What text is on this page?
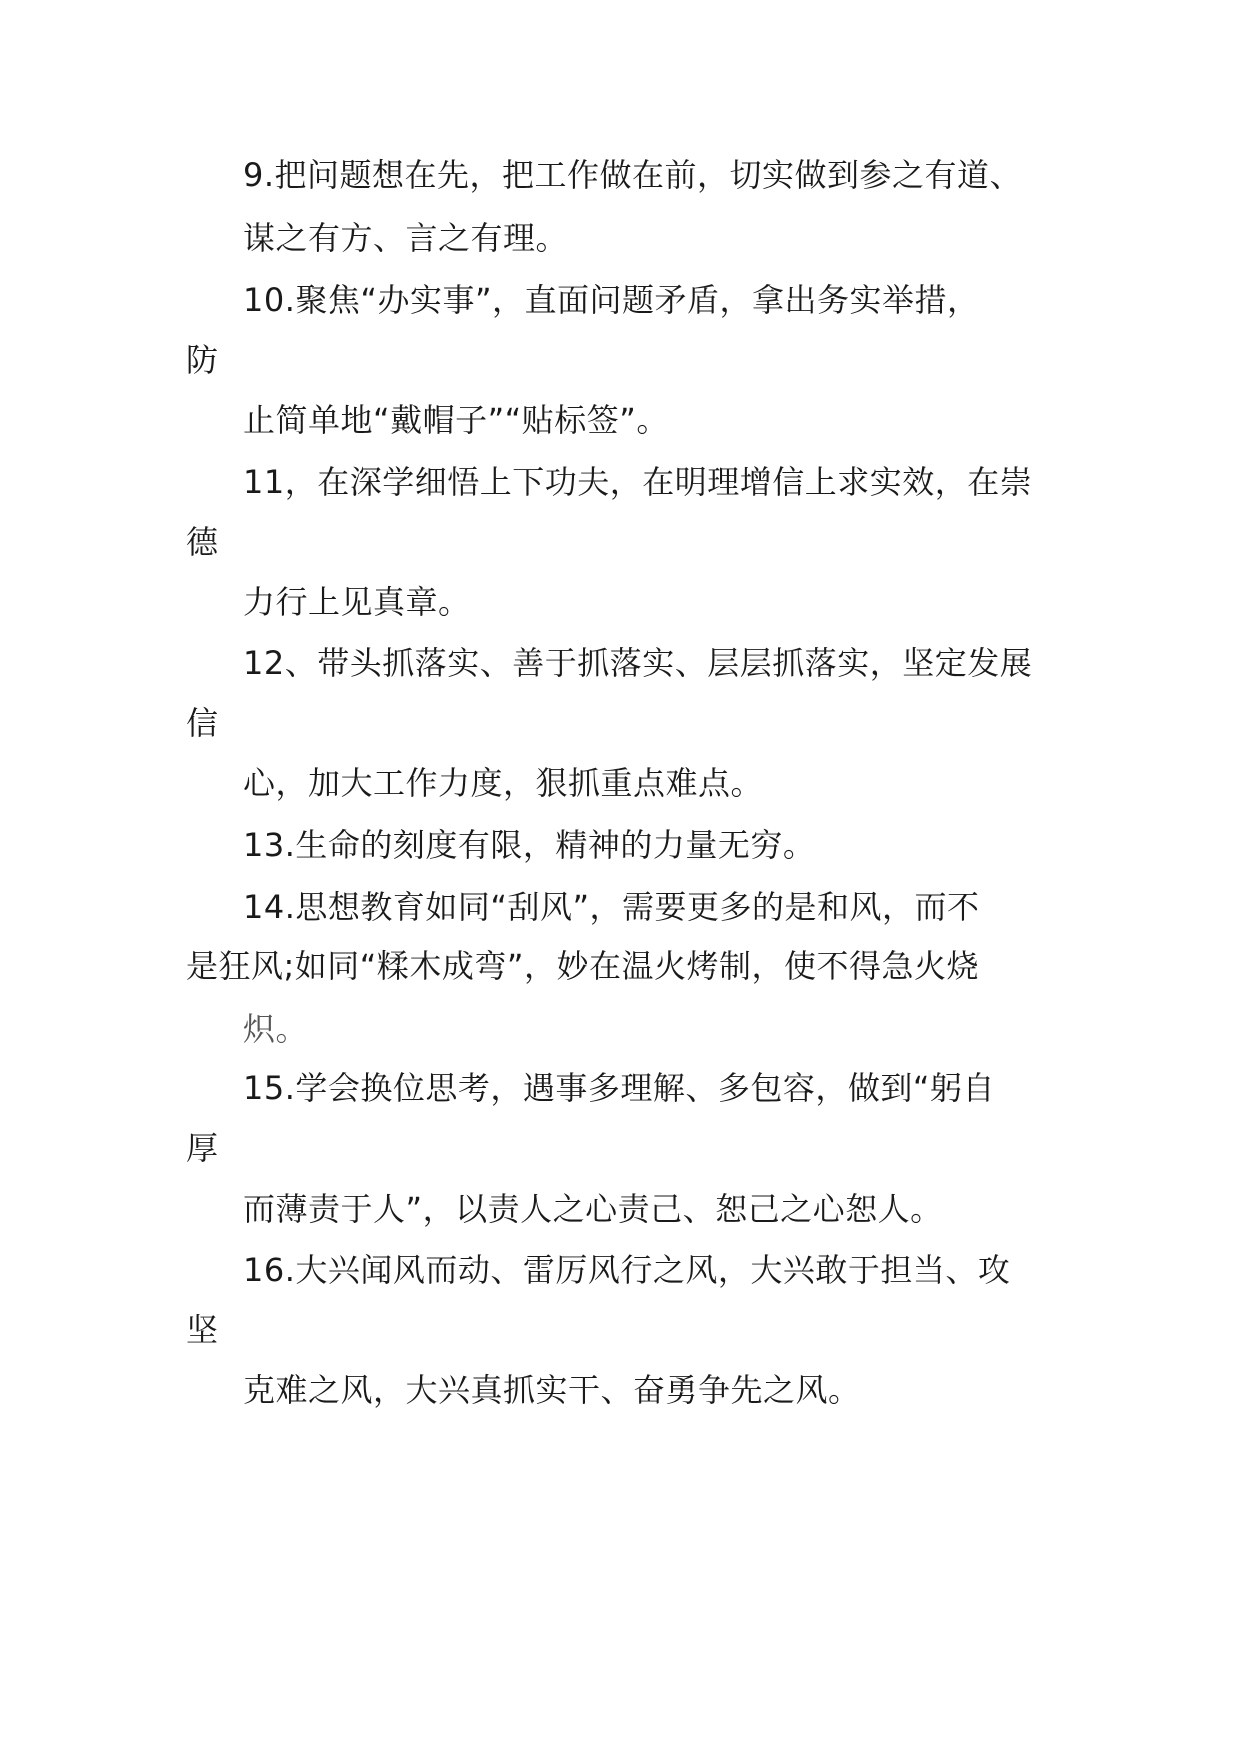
9.把问题想在先，把工作做在前，切实做到参之有道、
谋之有方、言之有理。
10.聚焦“办实事”，直面问题矛盾，拿出务实举措，
防
止简单地“戴帽子”“贴标签”。
11，在深学细悟上下功夫，在明理增信上求实效，在崇
德
力行上见真章。
12、带头抓落实、善于抓落实、层层抓落实，坚定发展
信
心，加大工作力度，狠抓重点难点。
13.生命的刻度有限，精神的力量无穷。
14.思想教育如同“刮风”，需要更多的是和风，而不
是狂风;如同“糅木成弯”，妙在温火烤制，使不得急火烧
炽。
15.学会换位思考，遇事多理解、多包容，做到“躬自
厚
而薄责于人”，以责人之心责己、恕己之心恕人。
16.大兴闻风而动、雷厉风行之风，大兴敢于担当、攻
坚
克难之风，大兴真抓实干、奋勇争先之风。
